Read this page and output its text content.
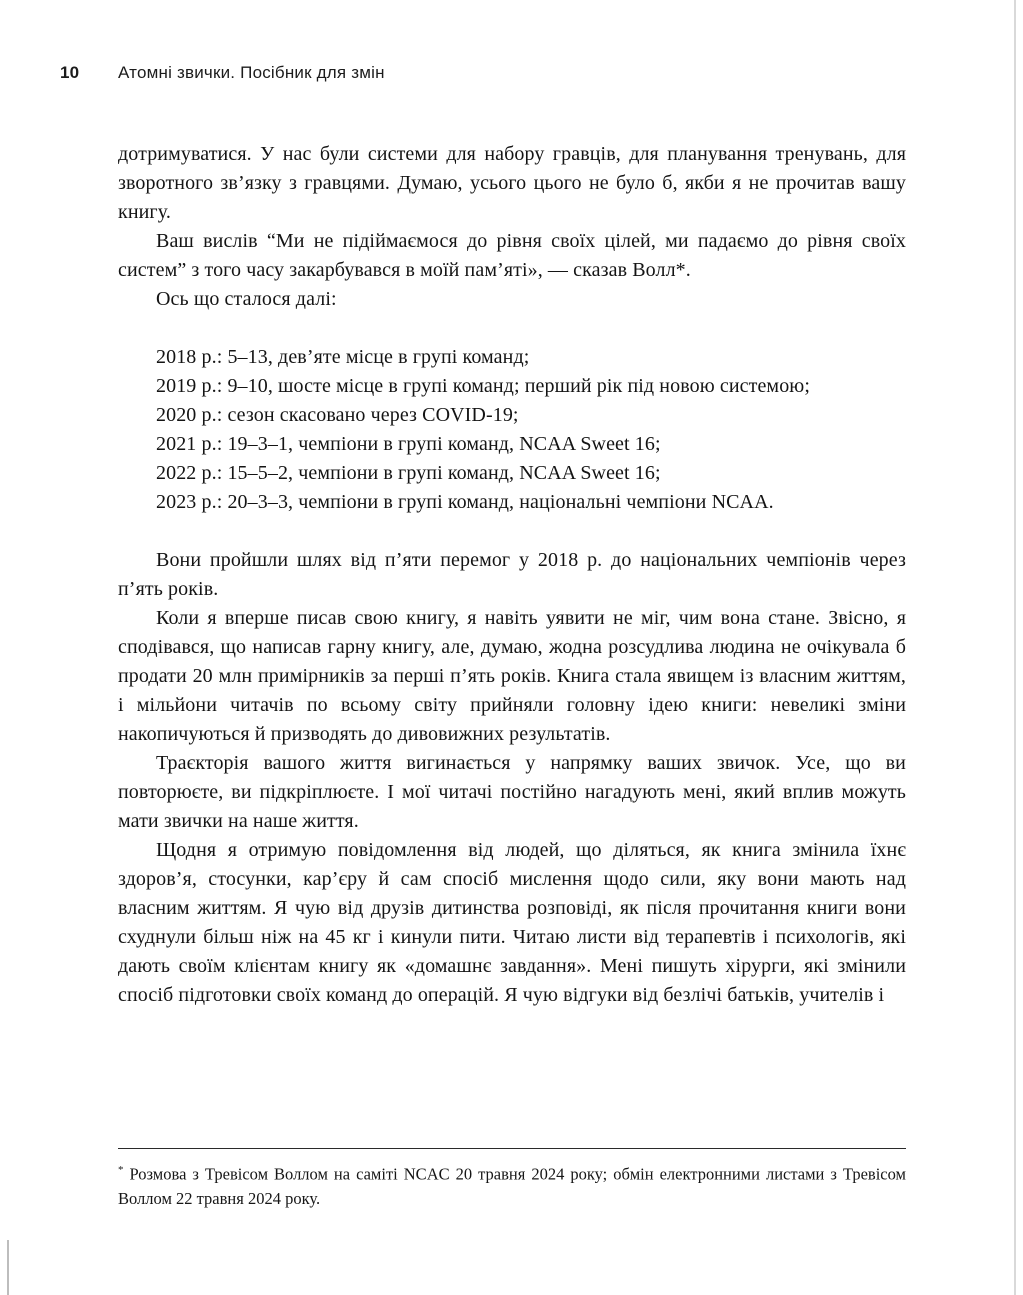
10	Атомні звички. Посібник для змін

дотримуватися. У нас були системи для набору гравців, для планування тренувань, для зворотного зв’язку з гравцями. Думаю, усього цього не було б, якби я не прочитав вашу книгу.

Ваш вислів “Ми не підіймаємося до рівня своїх цілей, ми падаємо до рівня своїх систем” з того часу закарбувався в моїй пам’яті», — сказав Волл*.

Ось що сталося далі:

2018 р.: 5–13, дев’яте місце в групі команд;

2019 р.: 9–10, шосте місце в групі команд; перший рік під новою системою;

2020 р.: сезон скасовано через COVID-19;

2021 р.: 19–3–1, чемпіони в групі команд, NCAA Sweet 16;

2022 р.: 15–5–2, чемпіони в групі команд, NCAA Sweet 16;

2023 р.: 20–3–3, чемпіони в групі команд, національні чемпіони NCAA.

Вони пройшли шлях від п’яти перемог у 2018 р. до національних чемпіонів через п’ять років.

Коли я вперше писав свою книгу, я навіть уявити не міг, чим вона стане. Звісно, я сподівався, що написав гарну книгу, але, думаю, жодна розсудлива людина не очікувала б продати 20 млн примірників за перші п’ять років. Книга стала явищем із власним життям, і мільйони читачів по всьому світу прийняли головну ідею книги: невеликі зміни накопичуються й призводять до дивовижних результатів.

Траєкторія вашого життя вигинається у напрямку ваших звичок. Усе, що ви повторюєте, ви підкріплюєте. І мої читачі постійно нагадують мені, який вплив можуть мати звички на наше життя.

Щодня я отримую повідомлення від людей, що діляться, як книга змінила їхнє здоров’я, стосунки, кар’єру й сам спосіб мислення щодо сили, яку вони мають над власним життям. Я чую від друзів дитинства розповіді, як після прочитання книги вони схуднули більш ніж на 45 кг і кинули пити. Читаю листи від терапевтів і психологів, які дають своїм клієнтам книгу як «домашнє завдання». Мені пишуть хірурги, які змінили спосіб підготовки своїх команд до операцій. Я чую відгуки від безлічі батьків, учителів і

* Розмова з Тревісом Воллом на саміті NCAC 20 травня 2024 року; обмін електронними листами з Тревісом Воллом 22 травня 2024 року.
